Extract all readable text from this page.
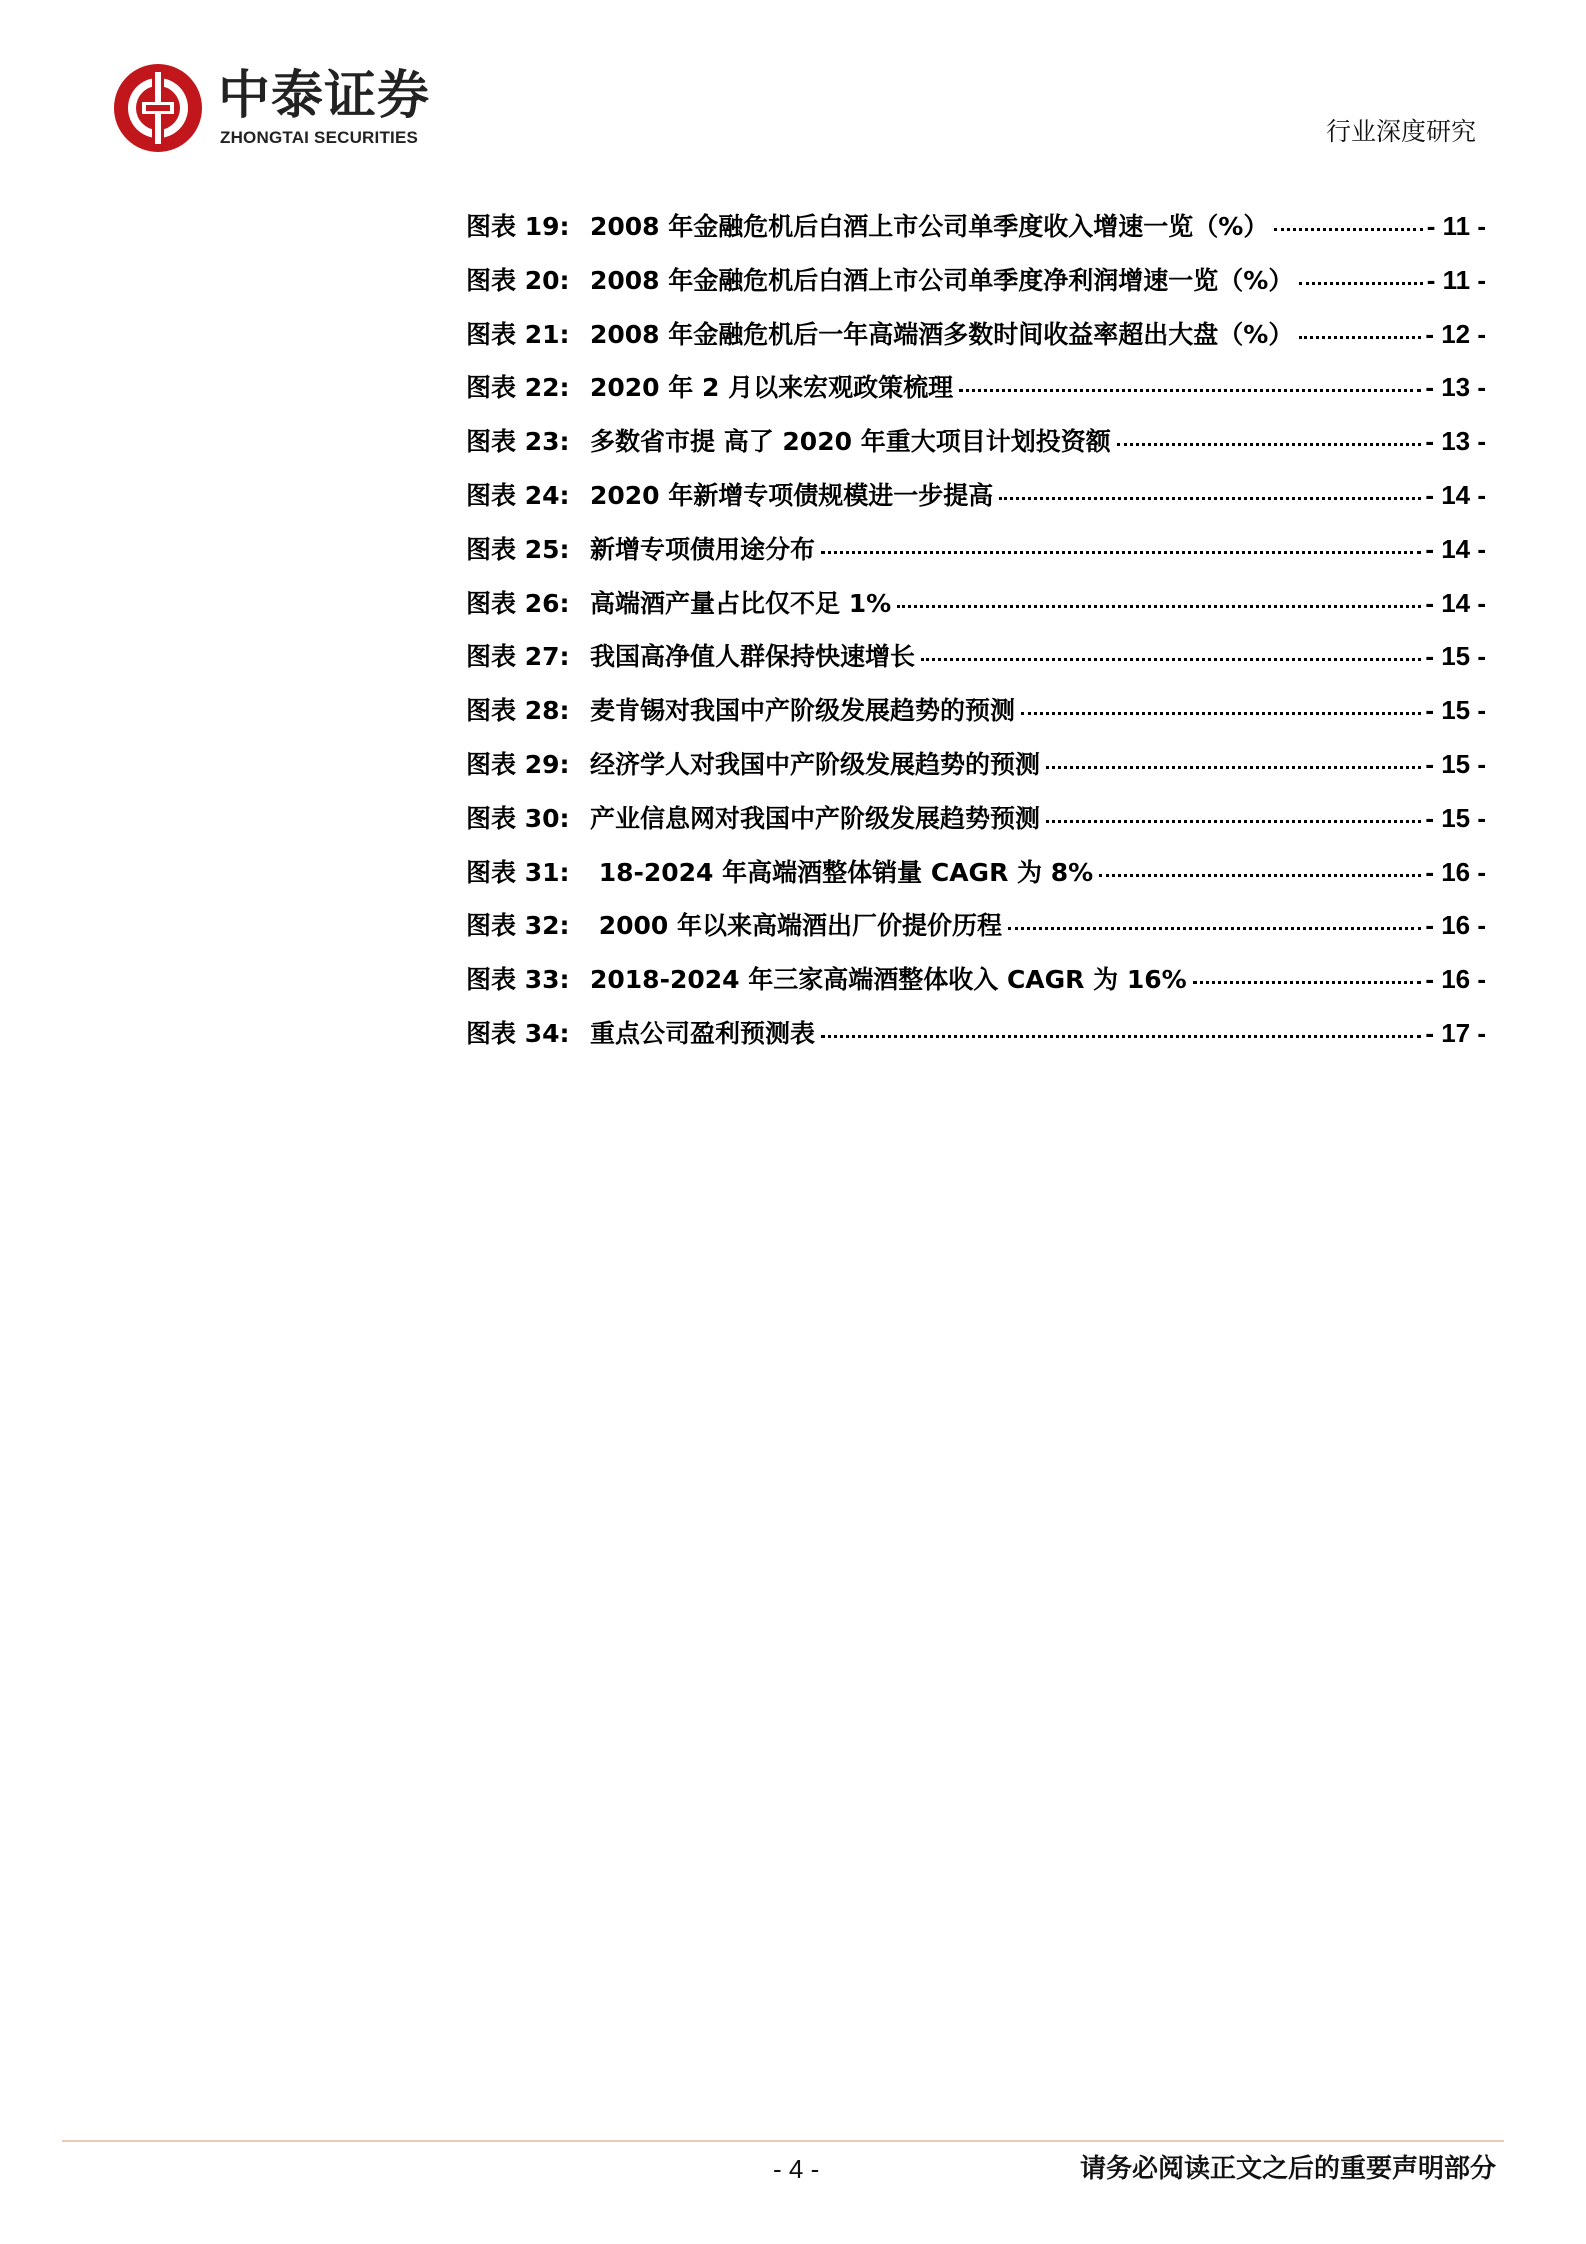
中泰证券
ZHONGTAI SECURITIES	行业深度研究
图表 19: 2008 年金融危机后白酒上市公司单季度收入增速一览（%）	- 11 -
图表 20: 2008 年金融危机后白酒上市公司单季度净利润增速一览（%）	- 11 -
图表 21: 2008 年金融危机后一年高端酒多数时间收益率超出大盘（%）	- 12 -
图表 22: 2020 年 2 月以来宏观政策梳理	- 13 -
图表 23: 多数省市提 高了 2020 年重大项目计划投资额	- 13 -
图表 24: 2020 年新增专项债规模进一步提高	- 14 -
图表 25: 新增专项债用途分布	- 14 -
图表 26: 高端酒产量占比仅不足 1%	- 14 -
图表 27: 我国高净值人群保持快速增长	- 15 -
图表 28: 麦肯锡对我国中产阶级发展趋势的预测	- 15 -
图表 29: 经济学人对我国中产阶级发展趋势的预测	- 15 -
图表 30: 产业信息网对我国中产阶级发展趋势预测	- 15 -
图表 31: 18-2024 年高端酒整体销量 CAGR 为 8%	- 16 -
图表 32: 2000 年以来高端酒出厂价提价历程	- 16 -
图表 33: 2018-2024 年三家高端酒整体收入 CAGR 为 16%	- 16 -
图表 34: 重点公司盈利预测表	- 17 -
- 4 -	请务必阅读正文之后的重要声明部分
